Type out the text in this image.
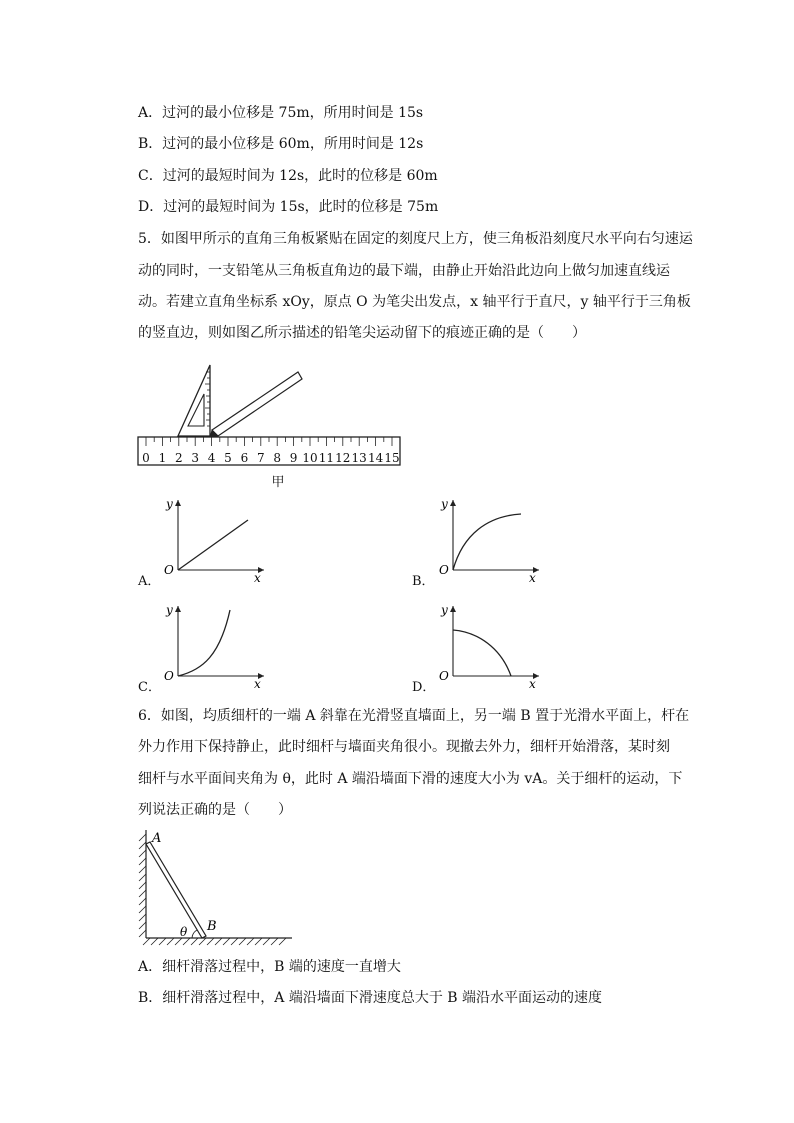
A．过河的最小位移是 75m，所用时间是 15s
B．过河的最小位移是 60m，所用时间是 12s
C．过河的最短时间为 12s，此时的位移是 60m
D．过河的最短时间为 15s，此时的位移是 75m
5．如图甲所示的直角三角板紧贴在固定的刻度尺上方，使三角板沿刻度尺水平向右匀速运
动的同时，一支铅笔从三角板直角边的最下端，由静止开始沿此边向上做匀加速直线运
动。若建立直角坐标系 xOy，原点 O 为笔尖出发点，x 轴平行于直尺，y 轴平行于三角板
的竖直边，则如图乙所示描述的铅笔尖运动留下的痕迹正确的是（　　）
0 1 2 3 4 5 6 7 8 9 10 11 12 13 14 15
甲
A．
y
O
x	B．
y
O
x
C．
y
O
x	D．
y
O
x
6．如图，均质细杆的一端 A 斜靠在光滑竖直墙面上，另一端 B 置于光滑水平面上，杆在
外力作用下保持静止，此时细杆与墙面夹角很小。现撤去外力，细杆开始滑落，某时刻
细杆与水平面间夹角为 θ，此时 A 端沿墙面下滑的速度大小为 vA。关于细杆的运动，下
列说法正确的是（　　）
A
B
θ
A．细杆滑落过程中，B 端的速度一直增大
B．细杆滑落过程中，A 端沿墙面下滑速度总大于 B 端沿水平面运动的速度
